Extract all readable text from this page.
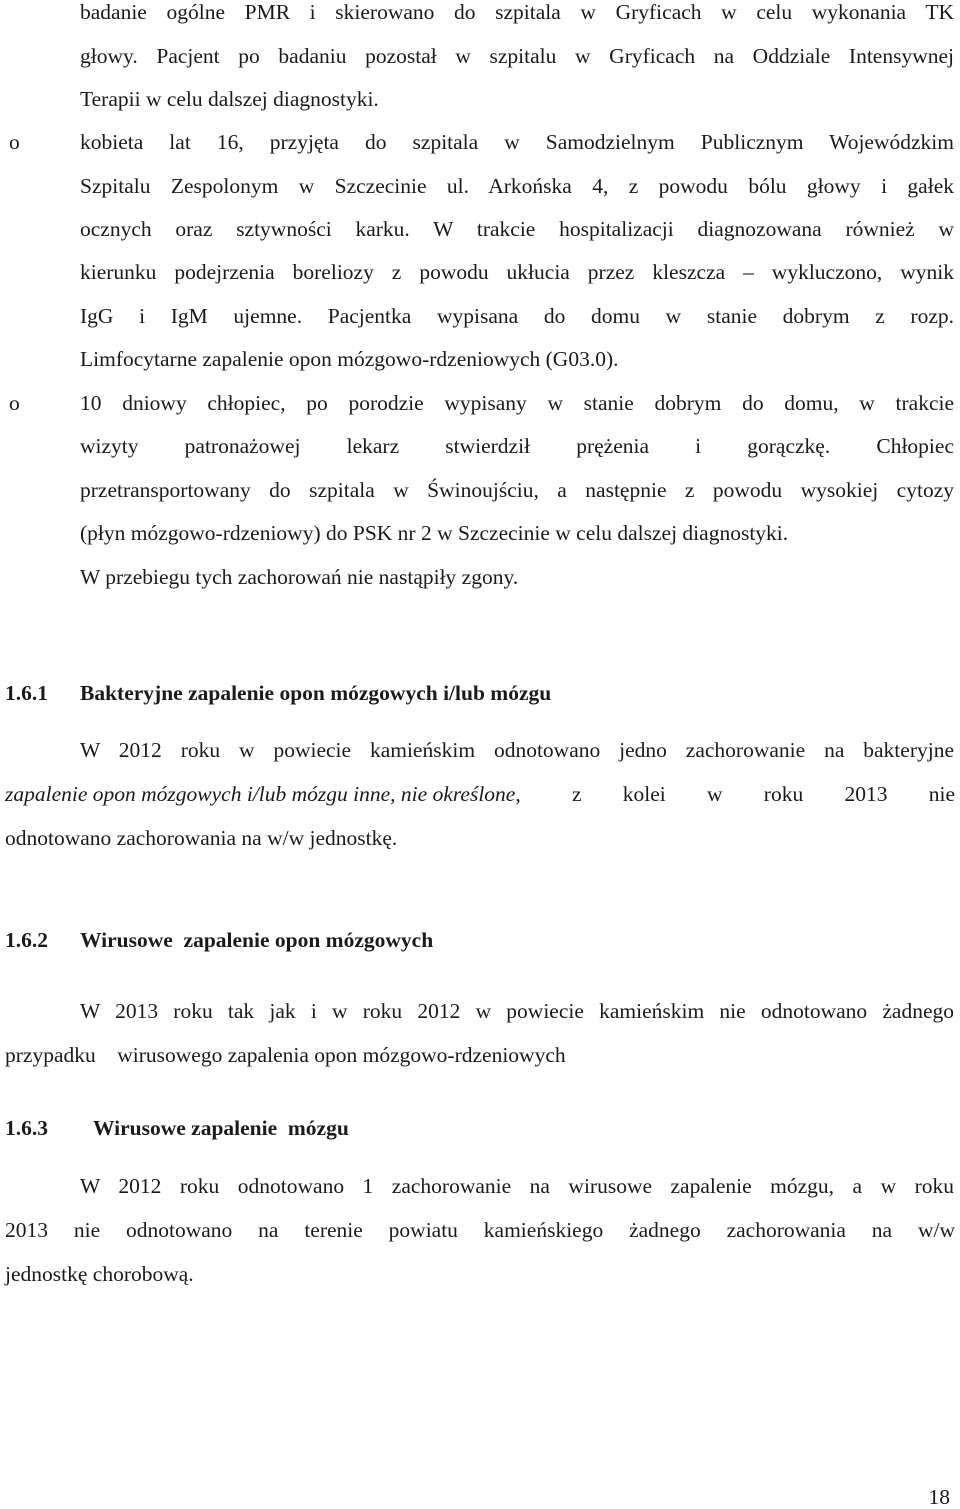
badanie ogólne PMR i skierowano do szpitala w Gryficach w celu wykonania TK
głowy. Pacjent po badaniu pozostał w szpitalu w Gryficach na Oddziale Intensywnej
Terapii w celu dalszej diagnostyki.
o	kobieta lat 16, przyjęta do szpitala w Samodzielnym Publicznym Wojewódzkim
Szpitalu Zespolonym w Szczecinie ul. Arkońska 4, z powodu bólu głowy i gałek
ocznych oraz sztywności karku. W trakcie hospitalizacji diagnozowana również w
kierunku podejrzenia boreliozy z powodu ukłucia przez kleszcza – wykluczono, wynik
IgG i IgM ujemne. Pacjentka wypisana do domu w stanie dobrym z rozp.
Limfocytarne zapalenie opon mózgowo-rdzeniowych (G03.0).
o	10 dniowy chłopiec, po porodzie wypisany w stanie dobrym do domu, w trakcie
wizyty patronażowej lekarz stwierdził prężenia i gorączkę. Chłopiec
przetransportowany do szpitala w Świnoujściu, a następnie z powodu wysokiej cytozy
(płyn mózgowo-rdzeniowy) do PSK nr 2 w Szczecinie w celu dalszej diagnostyki.
W przebiegu tych zachorowań nie nastąpiły zgony.
1.6.1 Bakteryjne zapalenie opon mózgowych i/lub mózgu
W 2012 roku w powiecie kamieńskim odnotowano jedno zachorowanie na bakteryjne
zapalenie opon mózgowych i/lub mózgu inne, nie określone, z kolei w roku 2013 nie
odnotowano zachorowania na w/w jednostkę.
1.6.2 Wirusowe  zapalenie opon mózgowych
W 2013 roku tak jak i w roku 2012 w powiecie kamieńskim nie odnotowano żadnego
przypadku    wirusowego zapalenia opon mózgowo-rdzeniowych
1.6.3 Wirusowe zapalenie  mózgu
W 2012 roku odnotowano 1 zachorowanie na wirusowe zapalenie mózgu, a w roku
2013 nie odnotowano na terenie powiatu kamieńskiego żadnego zachorowania na w/w
jednostkę chorobową.
18
